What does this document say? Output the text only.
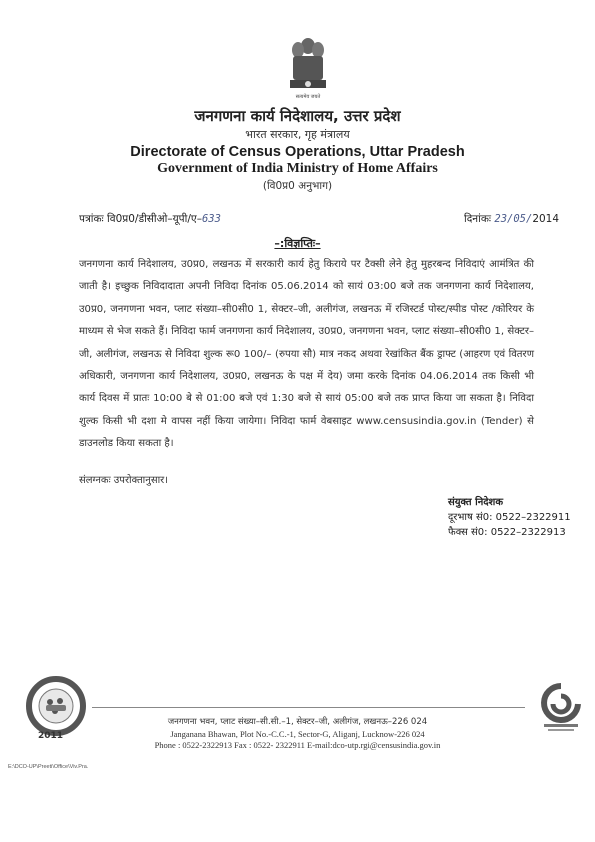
सत्यमेव जयते
जनगणना कार्य निदेशालय, उत्तर प्रदेश
भारत सरकार, गृह मंत्रालय
Directorate of Census Operations, Uttar Pradesh
Government of India Ministry of Home Affairs
(वि0प्र0 अनुभाग)
पत्रांकः वि0प्र0/डीसीओ–यूपी/ए–633	दिनांकः 23/05/2014
–:विज्ञप्तिः–
जनगणना कार्य निदेशालय, उ0प्र0, लखनऊ में सरकारी कार्य हेतु किराये पर टैक्सी लेने हेतु मुहरबन्द निविदाएं आमंत्रित की जाती है। इच्छुक निविदादाता अपनी निविदा दिनांक 05.06.2014 को सायं 03:00 बजे तक जनगणना कार्य निदेशालय, उ0प्र0, जनगणना भवन, प्लाट संख्या–सी0सी0 1, सेक्टर–जी, अलीगंज, लखनऊ में रजिस्टर्ड पोस्ट/स्पीड पोस्ट /कोरियर के माध्यम से भेज सकते हैं। निविदा फार्म जनगणना कार्य निदेशालय, उ0प्र0, जनगणना भवन, प्लाट संख्या–सी0सी0 1, सेक्टर–जी, अलीगंज, लखनऊ से निविदा शुल्क रू0 100/– (रुपया सौ) मात्र नकद अथवा रेखांकित बैंक ड्राफ्ट (आहरण एवं वितरण अधिकारी, जनगणना कार्य निदेशालय, उ0प्र0, लखनऊ के पक्ष में देय) जमा करके दिनांक 04.06.2014 तक किसी भी कार्य दिवस में प्रातः 10:00 बे से 01:00 बजे एवं 1:30 बजे से सायं 05:00 बजे तक प्राप्त किया जा सकता है। निविदा शुल्क किसी भी दशा मे वापस नहीं किया जायेगा। निविदा फार्म वेबसाइट www.censusindia.gov.in (Tender) से डाउनलोड किया सकता है।
संलग्नकः उपरोक्तानुसार।
संयुक्त निदेशक
दूरभाष सं0: 0522–2322911
फैक्स सं0: 0522–2322913
2011
जनगणना भवन, प्लाट संख्या–सी.सी.–1, सेक्टर–जी, अलीगंज, लखनऊ–226 024
Janganana Bhawan, Plot No.-C.C.-1, Sector-G, Aliganj, Lucknow-226 024
Phone : 0522-2322913 Fax : 0522- 2322911 E-mail:dco-utp.rgi@censusindia.gov.in
E:\DCO-UP\Preeti\Office\Viv.Pra.
